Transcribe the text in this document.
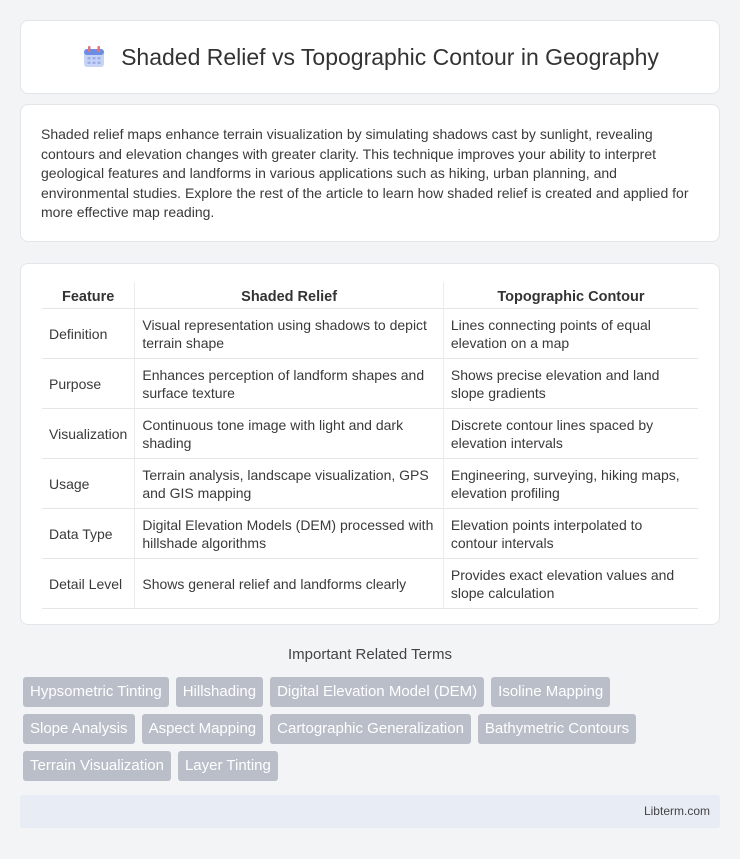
Shaded Relief vs Topographic Contour in Geography

Shaded relief maps enhance terrain visualization by simulating shadows cast by sunlight, revealing contours and elevation changes with greater clarity. This technique improves your ability to interpret geological features and landforms in various applications such as hiking, urban planning, and environmental studies. Explore the rest of the article to learn how shaded relief is created and applied for more effective map reading.

Feature	Shaded Relief	Topographic Contour
Definition	Visual representation using shadows to depict terrain shape	Lines connecting points of equal elevation on a map
Purpose	Enhances perception of landform shapes and surface texture	Shows precise elevation and land slope gradients
Visualization	Continuous tone image with light and dark shading	Discrete contour lines spaced by elevation intervals
Usage	Terrain analysis, landscape visualization, GPS and GIS mapping	Engineering, surveying, hiking maps, elevation profiling
Data Type	Digital Elevation Models (DEM) processed with hillshade algorithms	Elevation points interpolated to contour intervals
Detail Level	Shows general relief and landforms clearly	Provides exact elevation values and slope calculation
Important Related Terms
Hypsometric Tinting	Hillshading	Digital Elevation Model (DEM)	Isoline Mapping
Slope Analysis	Aspect Mapping	Cartographic Generalization	Bathymetric Contours
Terrain Visualization	Layer Tinting
Libterm.com
